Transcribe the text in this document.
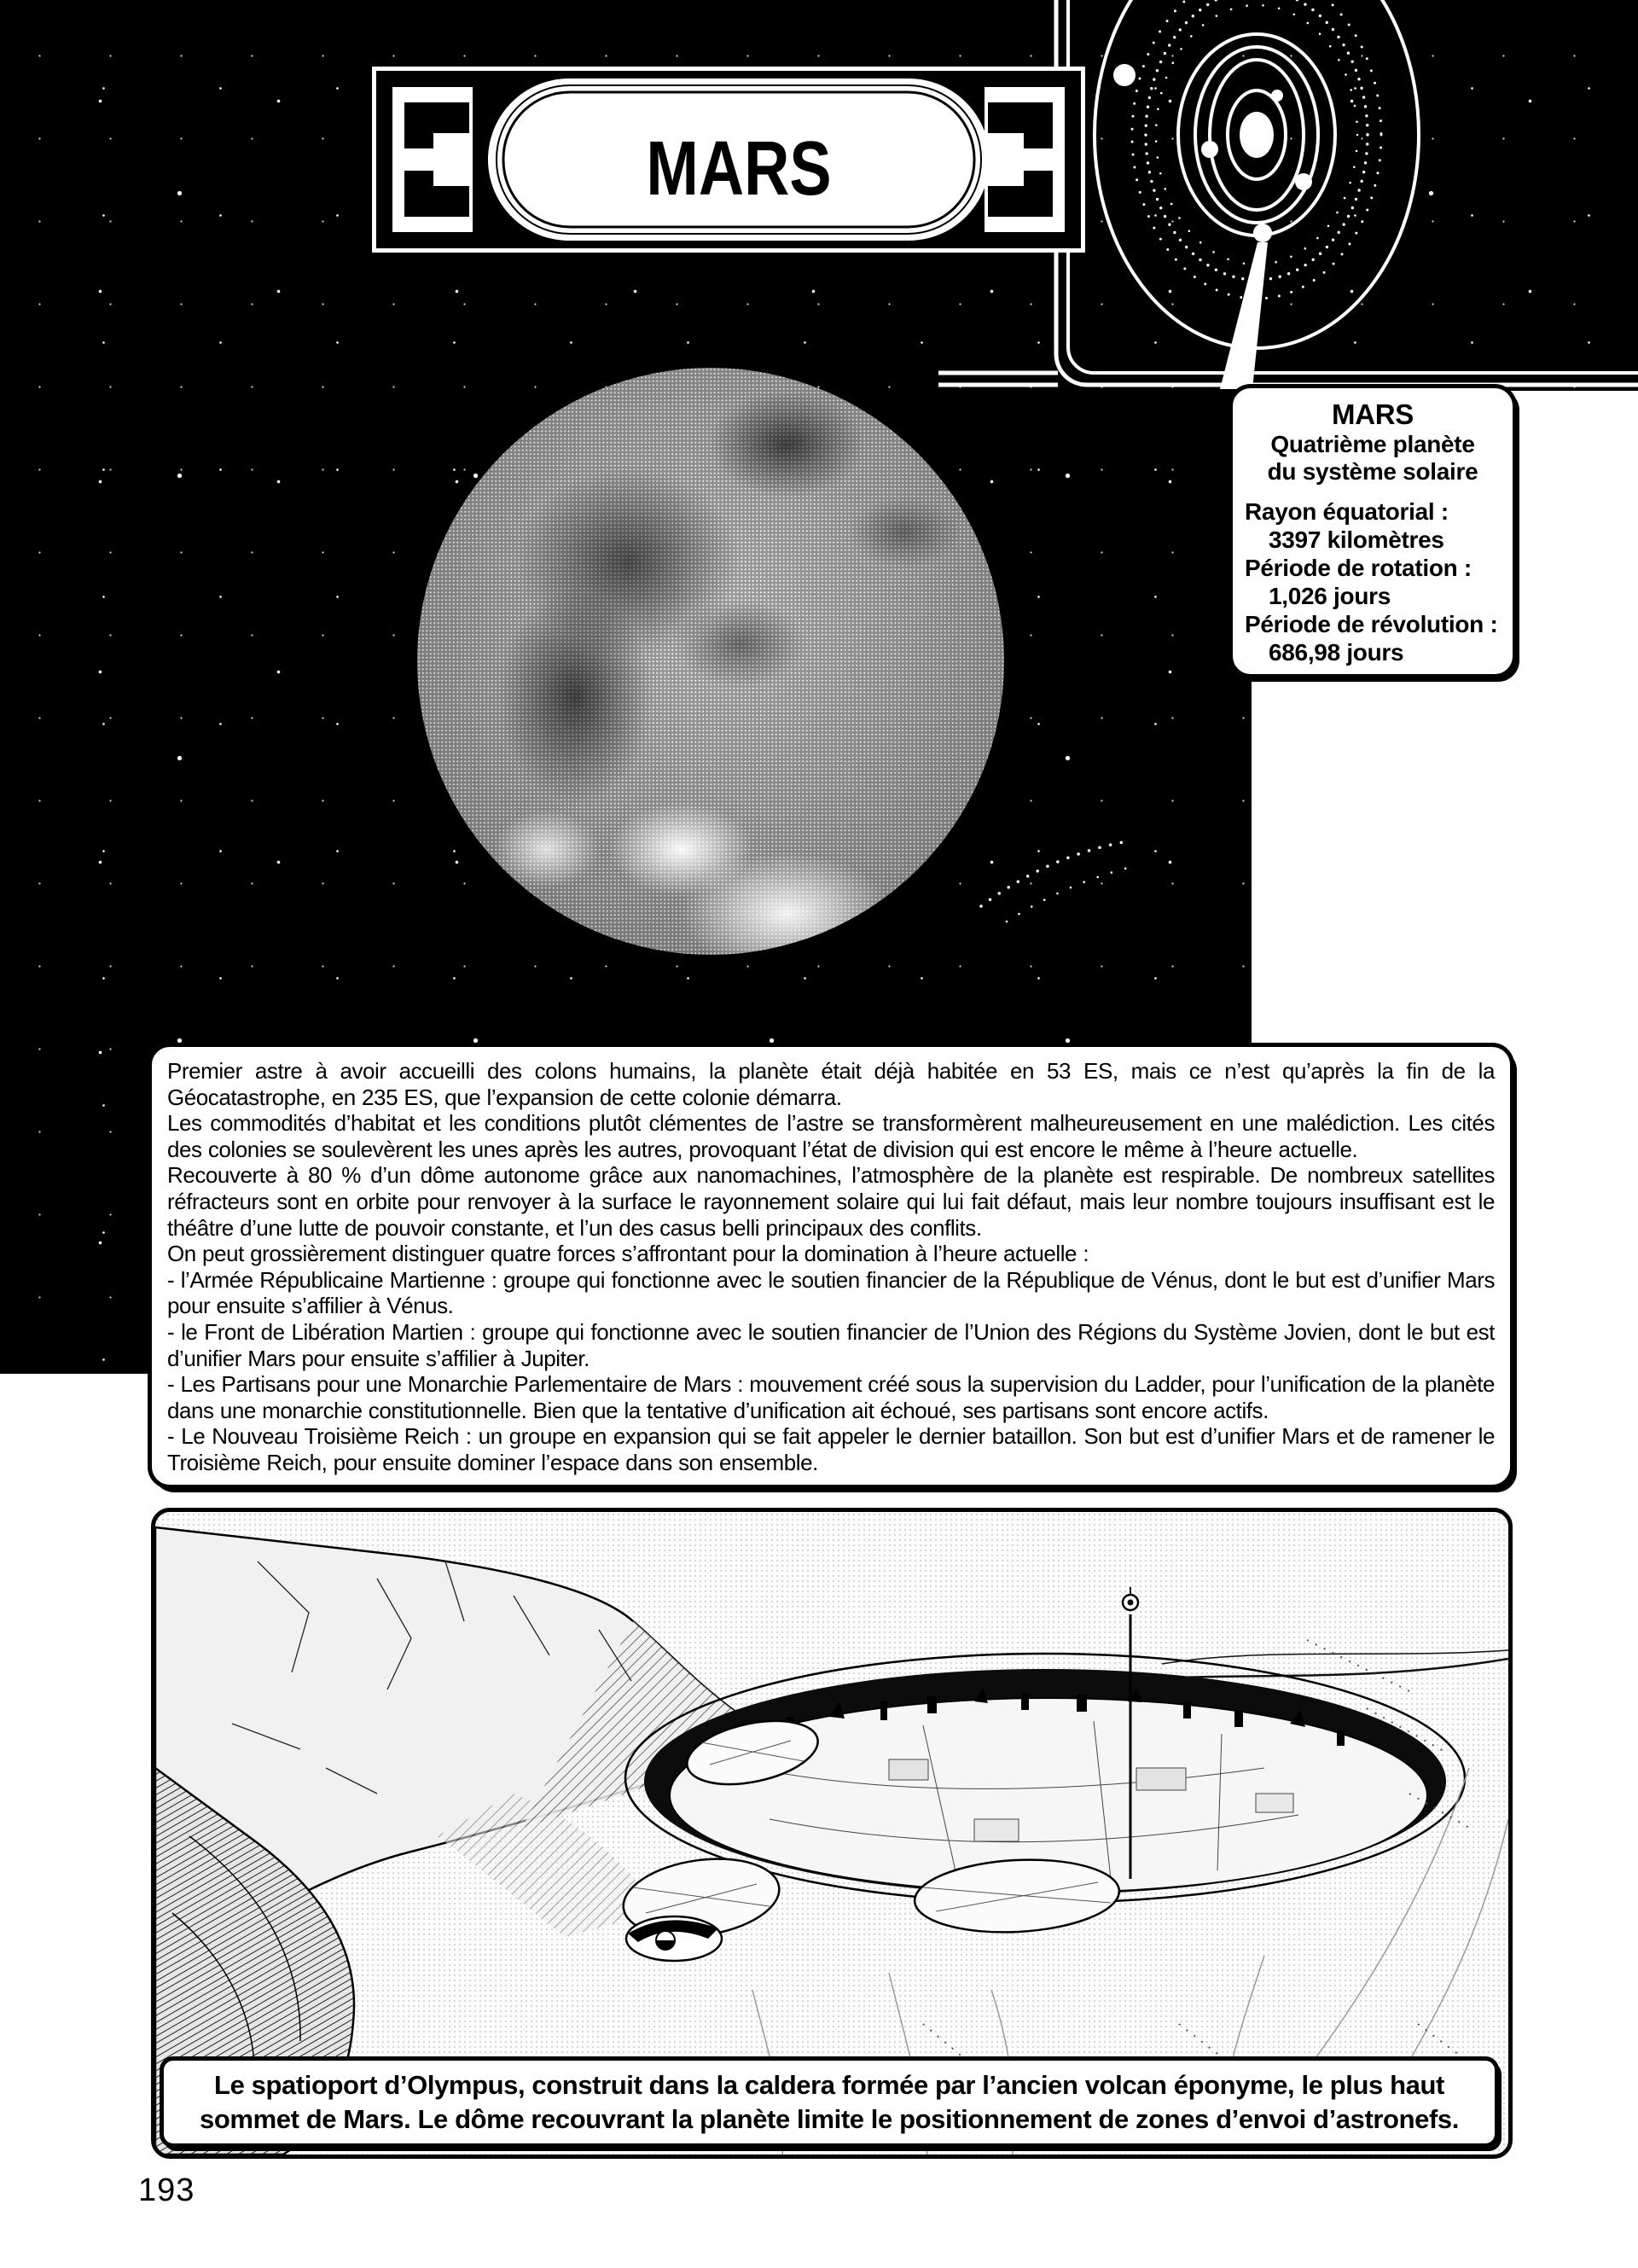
MARS
MARS
Quatrième planète
du système solaire
Rayon équatorial :
3397 kilomètres
Période de rotation :
1,026 jours
Période de révolution :
686,98 jours

Premier astre à avoir accueilli des colons humains, la planète était déjà habitée en 53 ES, mais ce n’est qu’après la fin de la Géocatastrophe, en 235 ES, que l’expansion de cette colonie démarra.

Les commodités d’habitat et les conditions plutôt clémentes de l’astre se transformèrent malheureusement en une malédiction. Les cités des colonies se soulevèrent les unes après les autres, provoquant l’état de division qui est encore le même à l’heure actuelle.

Recouverte à 80 % d’un dôme autonome grâce aux nanomachines, l’atmosphère de la planète est respirable. De nombreux satellites réfracteurs sont en orbite pour renvoyer à la surface le rayonnement solaire qui lui fait défaut, mais leur nombre toujours insuffisant est le théâtre d’une lutte de pouvoir constante, et l’un des casus belli principaux des conflits.

On peut grossièrement distinguer quatre forces s’affrontant pour la domination à l’heure actuelle :

- l’Armée Républicaine Martienne : groupe qui fonctionne avec le soutien financier de la République de Vénus, dont le but est d’unifier Mars pour ensuite s’affilier à Vénus.

- le Front de Libération Martien : groupe qui fonctionne avec le soutien financier de l’Union des Régions du Système Jovien, dont le but est d’unifier Mars pour ensuite s’affilier à Jupiter.

- Les Partisans pour une Monarchie Parlementaire de Mars : mouvement créé sous la supervision du Ladder, pour l’unification de la planète dans une monarchie constitutionnelle. Bien que la tentative d’unification ait échoué, ses partisans sont encore actifs.

- Le Nouveau Troisième Reich : un groupe en expansion qui se fait appeler le dernier bataillon. Son but est d’unifier Mars et de ramener le Troisième Reich, pour ensuite dominer l’espace dans son ensemble.

Le spatioport d’Olympus, construit dans la caldera formée par l’ancien volcan éponyme, le plus haut
sommet de Mars. Le dôme recouvrant la planète limite le positionnement de zones d’envoi d’astronefs.
193
